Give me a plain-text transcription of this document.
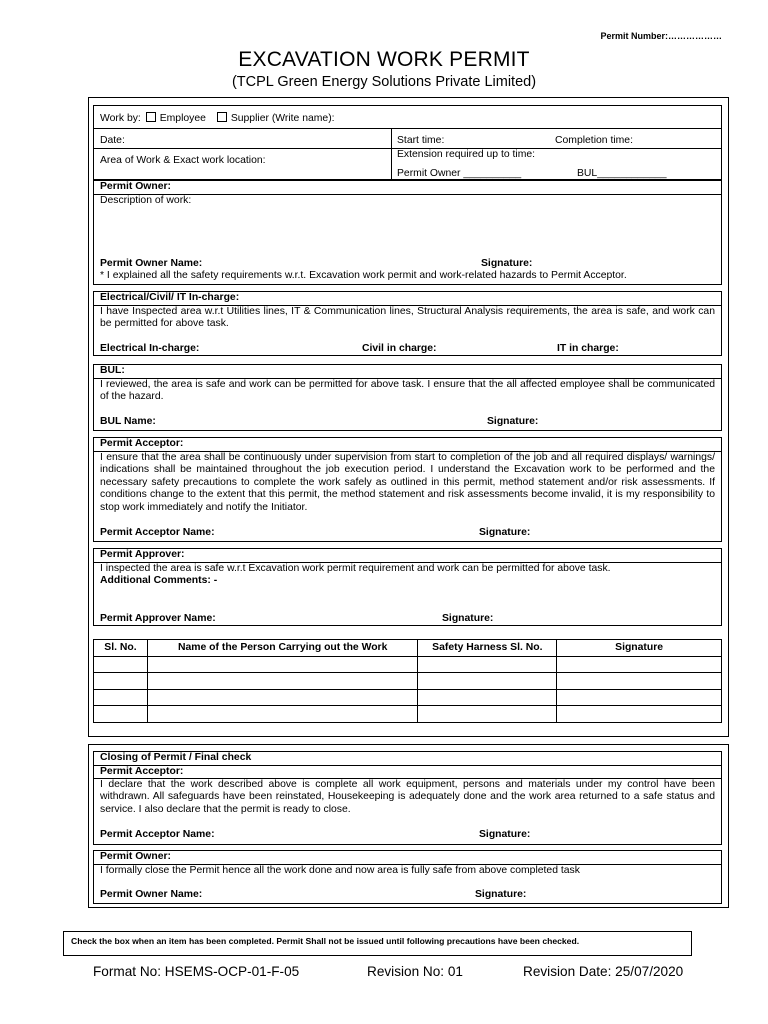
Permit Number:………………
EXCAVATION WORK PERMIT
(TCPL Green Energy Solutions Private Limited)
Work by: Employee Supplier (Write name):
Date:	Start time:	Completion time:
Area of Work & Exact work location:
Extension required up to time:
Permit Owner __________	BUL____________
Permit Owner:
Description of work:
Permit Owner Name:	Signature:
* I explained all the safety requirements w.r.t. Excavation work permit and work-related hazards to Permit Acceptor.
Electrical/Civil/ IT In-charge:
I have Inspected area w.r.t Utilities lines, IT & Communication lines, Structural Analysis requirements, the area is safe, and work can be permitted for above task.
Electrical In-charge:	Civil in charge:	IT in charge:
BUL:
I reviewed, the area is safe and work can be permitted for above task. I ensure that the all affected employee shall be communicated of the hazard.
BUL Name:	Signature:
Permit Acceptor:
I ensure that the area shall be continuously under supervision from start to completion of the job and all required displays/ warnings/ indications shall be maintained throughout the job execution period. I understand the Excavation work to be performed and the necessary safety precautions to complete the work safely as outlined in this permit, method statement and/or risk assessments. If conditions change to the extent that this permit, the method statement and risk assessments become invalid, it is my responsibility to stop work immediately and notify the Initiator.
Permit Acceptor Name:	Signature:
Permit Approver:
I inspected the area is safe w.r.t Excavation work permit requirement and work can be permitted for above task.
Additional Comments: -
Permit Approver Name:	Signature:
Sl. No.	Name of the Person Carrying out the Work	Safety Harness Sl. No.	Signature

Closing of Permit / Final check
Permit Acceptor:
I declare that the work described above is complete all work equipment, persons and materials under my control have been withdrawn. All safeguards have been reinstated, Housekeeping is adequately done and the work area returned to a safe status and service. I also declare that the permit is ready to close.
Permit Acceptor Name:	Signature:
Permit Owner:
I formally close the Permit hence all the work done and now area is fully safe from above completed task
Permit Owner Name:	Signature:
Check the box when an item has been completed. Permit Shall not be issued until following precautions have been checked.
Format No: HSEMS-OCP-01-F-05	Revision No: 01	Revision Date: 25/07/2020
